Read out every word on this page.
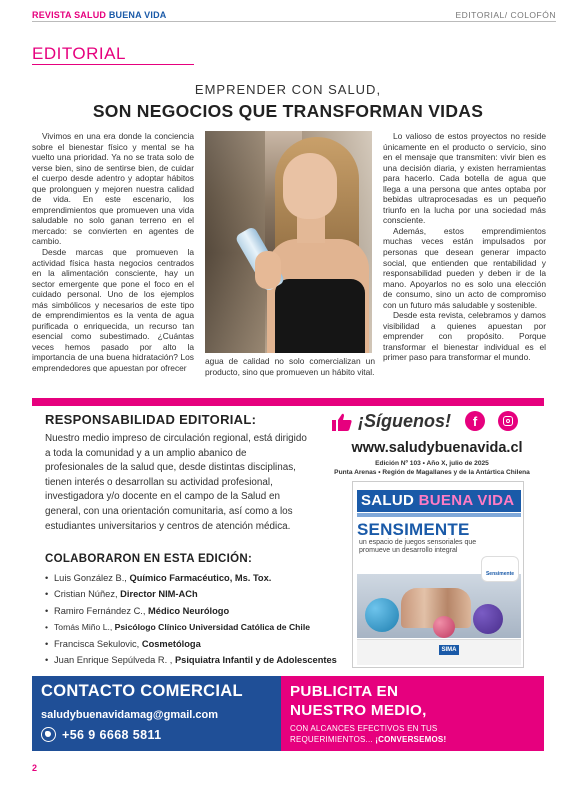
REVISTA SALUD BUENA VIDA	EDITORIAL/ COLOFÓN
EDITORIAL
EMPRENDER CON SALUD,
SON NEGOCIOS QUE TRANSFORMAN VIDAS

Vivimos en una era donde la conciencia sobre el bienestar físico y mental se ha vuelto una prioridad. Ya no se trata solo de verse bien, sino de sentirse bien, de cuidar el cuerpo desde adentro y adoptar hábitos que prolonguen y mejoren nuestra calidad de vida. En este escenario, los emprendimientos que promueven una vida saludable no solo ganan terreno en el mercado: se convierten en agentes de cambio.

Desde marcas que promueven la actividad física hasta negocios centrados en la alimentación consciente, hay un sector emergente que pone el foco en el cuidado personal. Uno de los ejemplos más simbólicos y necesarios de este tipo de emprendimientos es la venta de agua purificada o enriquecida, un recurso tan esencial como subestimado. ¿Cuántas veces hemos pasado por alto la importancia de una buena hidratación? Los emprendedores que apuestan por ofrecer

agua de calidad no solo comercializan un producto, sino que promueven un hábito vital.

Lo valioso de estos proyectos no reside únicamente en el producto o servicio, sino en el mensaje que transmiten: vivir bien es una decisión diaria, y existen herramientas para hacerlo. Cada botella de agua que llega a una persona que antes optaba por bebidas ultraprocesadas es un pequeño triunfo en la lucha por una sociedad más consciente.

Además, estos emprendimientos muchas veces están impulsados por personas que desean generar impacto social, que entienden que rentabilidad y responsabilidad pueden y deben ir de la mano. Apoyarlos no es solo una elección de consumo, sino un acto de compromiso con un futuro más saludable y sostenible.

Desde esta revista, celebramos y damos visibilidad a quienes apuestan por emprender con propósito. Porque transformar el bienestar individual es el primer paso para transformar el mundo.

RESPONSABILIDAD EDITORIAL:
Nuestro medio impreso de circulación regional, está dirigido a toda la comunidad y a un amplio abanico de profesionales de la salud que, desde distintas disciplinas, tienen interés o desarrollan su actividad profesional, investigadora y/o docente en el campo de la Salud en general, con una orientación comunitaria, así como a los estudiantes universitarios y centros de atención médica.
COLABORARON EN ESTA EDICIÓN:
• Luis González B., Químico Farmacéutico, Ms. Tox.
• Cristian Núñez, Director NIM-ACh
• Ramiro Fernández C., Médico Neurólogo
• Tomás Miño L., Psicólogo Clínico Universidad Católica de Chile
• Francisca Sekulovic, Cosmetóloga
• Juan Enrique Sepúlveda R. , Psiquiatra Infantil y de Adolescentes
¡Síguenos!	f
www.saludybuenavida.cl
Edición Nº 103 • Año X, julio de 2025
Punta Arenas • Región de Magallanes y de la Antártica Chilena
SALUD BUENA VIDA
SENSIMENTE
un espacio de juegos sensoriales que promueve un desarrollo integral
Sensimente
SIMA
CONTACTO COMERCIAL
saludybuenavidamag@gmail.com
+56 9 6668 5811
PUBLICITA EN
NUESTRO MEDIO,
CON ALCANCES EFECTIVOS EN TUS
REQUERIMIENTOS... ¡CONVERSEMOS!
2
